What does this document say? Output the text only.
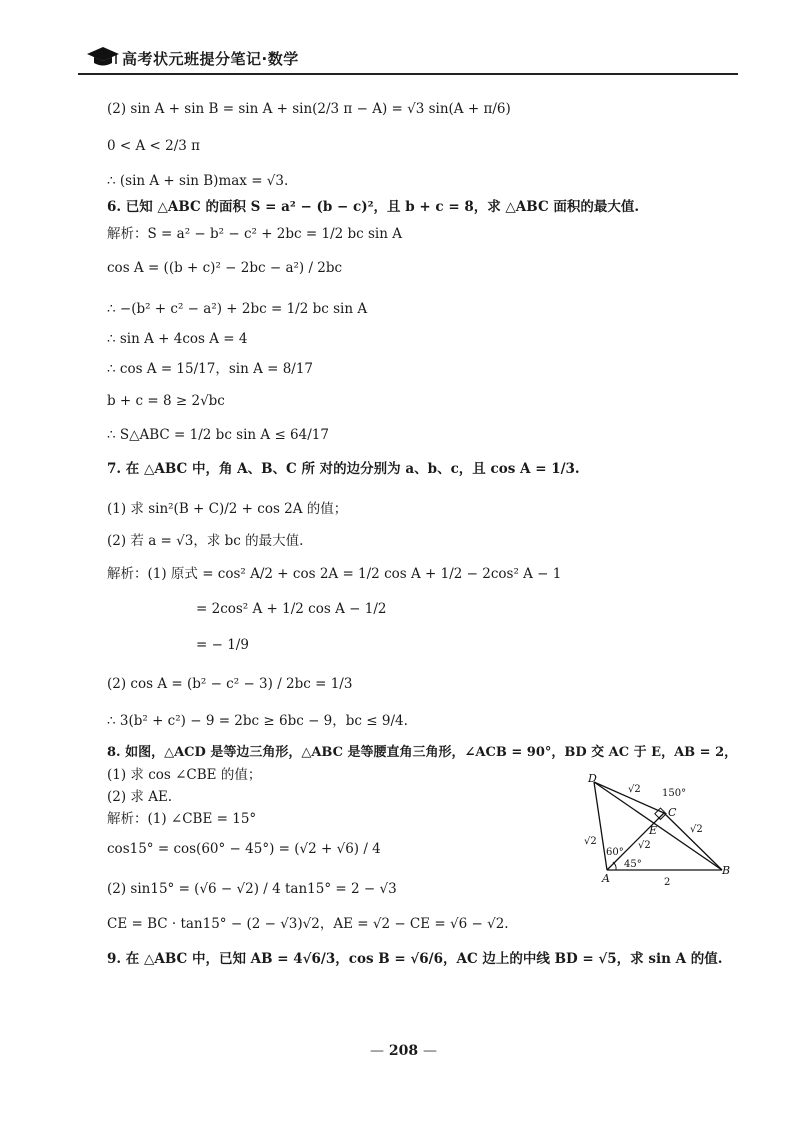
高考状元班提分笔记·数学
(2) sin A + sin B = sin A + sin(2/3 π − A) = √3 sin(A + π/6)
0 < A < 2/3 π
∴ (sin A + sin B)max = √3.
6. 已知 △ABC 的面积 S = a² − (b − c)²，且 b + c = 8，求 △ABC 面积的最大值.
解析：S = a² − b² − c² + 2bc = 1/2 bc sin A
cos A = ((b + c)² − 2bc − a²) / 2bc
∴ −(b² + c² − a²) + 2bc = 1/2 bc sin A
∴ sin A + 4cos A = 4
∴ cos A = 15/17，sin A = 8/17
b + c = 8 ≥ 2√bc
∴ S△ABC = 1/2 bc sin A ≤ 64/17
7. 在 △ABC 中，角 A、B、C 所 对的边分别为 a、b、c，且 cos A = 1/3.
(1) 求 sin²(B + C)/2 + cos 2A 的值；
(2) 若 a = √3，求 bc 的最大值.
解析：(1) 原式 = cos² A/2 + cos 2A = 1/2 cos A + 1/2 − 2cos² A − 1
= 2cos² A + 1/2 cos A − 1/2
= − 1/9
(2) cos A = (b² − c² − 3) / 2bc = 1/3
∴ 3(b² + c²) − 9 = 2bc ≥ 6bc − 9，bc ≤ 9/4.
8. 如图，△ACD 是等边三角形，△ABC 是等腰直角三角形，∠ACB = 90°，BD 交 AC 于 E，AB = 2，
(1) 求 cos ∠CBE 的值；
(2) 求 AE.
解析：(1) ∠CBE = 15°
cos15° = cos(60° − 45°) = (√2 + √6) / 4
(2) sin15° = (√6 − √2) / 4 tan15° = 2 − √3
CE = BC · tan15° − (2 − √3)√2，AE = √2 − CE = √6 − √2.
9. 在 △ABC 中，已知 AB = 4√6/3，cos B = √6/6，AC 边上的中线 BD = √5，求 sin A 的值.
D
C
E
A
B
150°
60°
45°
√2
√2
√2	√2
2
— 208 —
